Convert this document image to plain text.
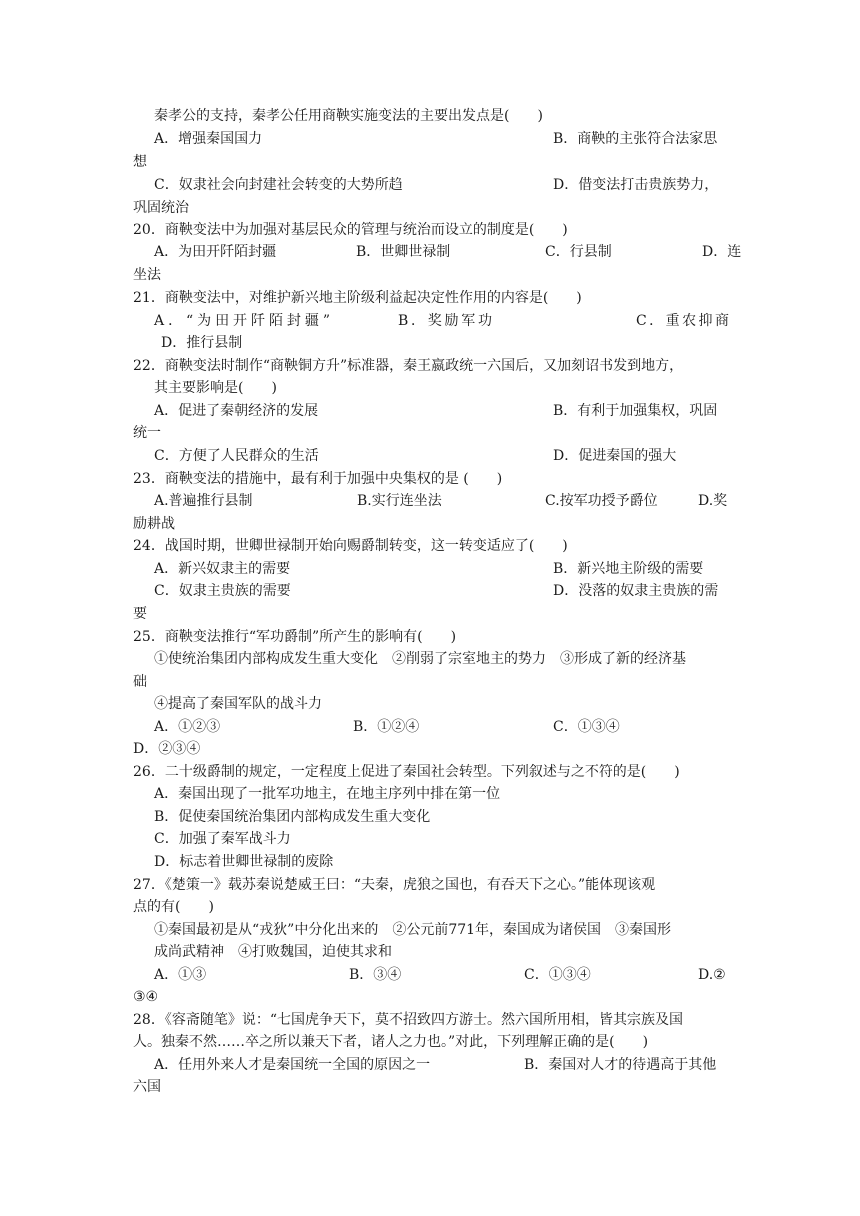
秦孝公的支持，秦孝公任用商鞅实施变法的主要出发点是(　　)
A．增强秦国国力	B．商鞅的主张符合法家思
想
C．奴隶社会向封建社会转变的大势所趋	D．借变法打击贵族势力，
巩固统治
20．商鞅变法中为加强对基层民众的管理与统治而设立的制度是(　　)
A．为田开阡陌封疆	B．世卿世禄制	C．行县制	D．连
坐法
21．商鞅变法中，对维护新兴地主阶级利益起决定性作用的内容是(　　)
A．“为田开阡陌封疆”	B．奖励军功	C．重农抑商
D．推行县制
22．商鞅变法时制作“商鞅铜方升”标准器，秦王嬴政统一六国后，又加刻诏书发到地方，
其主要影响是(　　)
A．促进了秦朝经济的发展	B．有利于加强集权，巩固
统一
C．方便了人民群众的生活	D．促进秦国的强大
23．商鞅变法的措施中，最有利于加强中央集权的是 (　　)
A.普遍推行县制	B.实行连坐法	C.按军功授予爵位	D.奖
励耕战
24．战国时期，世卿世禄制开始向赐爵制转变，这一转变适应了(　　)
A．新兴奴隶主的需要	B．新兴地主阶级的需要
C．奴隶主贵族的需要	D．没落的奴隶主贵族的需
要
25．商鞅变法推行“军功爵制”所产生的影响有(　　)
①使统治集团内部构成发生重大变化　②削弱了宗室地主的势力　③形成了新的经济基
础
④提高了秦国军队的战斗力
A．①②③	B．①②④	C．①③④
D．②③④
26．二十级爵制的规定，一定程度上促进了秦国社会转型。下列叙述与之不符的是(　　)
A．秦国出现了一批军功地主，在地主序列中排在第一位
B．促使秦国统治集团内部构成发生重大变化
C．加强了秦军战斗力
D．标志着世卿世禄制的废除
27．《楚策一》载苏秦说楚威王曰：“夫秦，虎狼之国也，有吞天下之心。”能体现该观
点的有(　　)
①秦国最初是从“戎狄”中分化出来的　②公元前771年，秦国成为诸侯国　③秦国形
成尚武精神　④打败魏国，迫使其求和
A．①③	B．③④	C．①③④	D.②
③④
28．《容斋随笔》说：“七国虎争天下，莫不招致四方游士。然六国所用相，皆其宗族及国
人。独秦不然……卒之所以兼天下者，诸人之力也。”对此，下列理解正确的是(　　)
A．任用外来人才是秦国统一全国的原因之一	B．秦国对人才的待遇高于其他
六国
